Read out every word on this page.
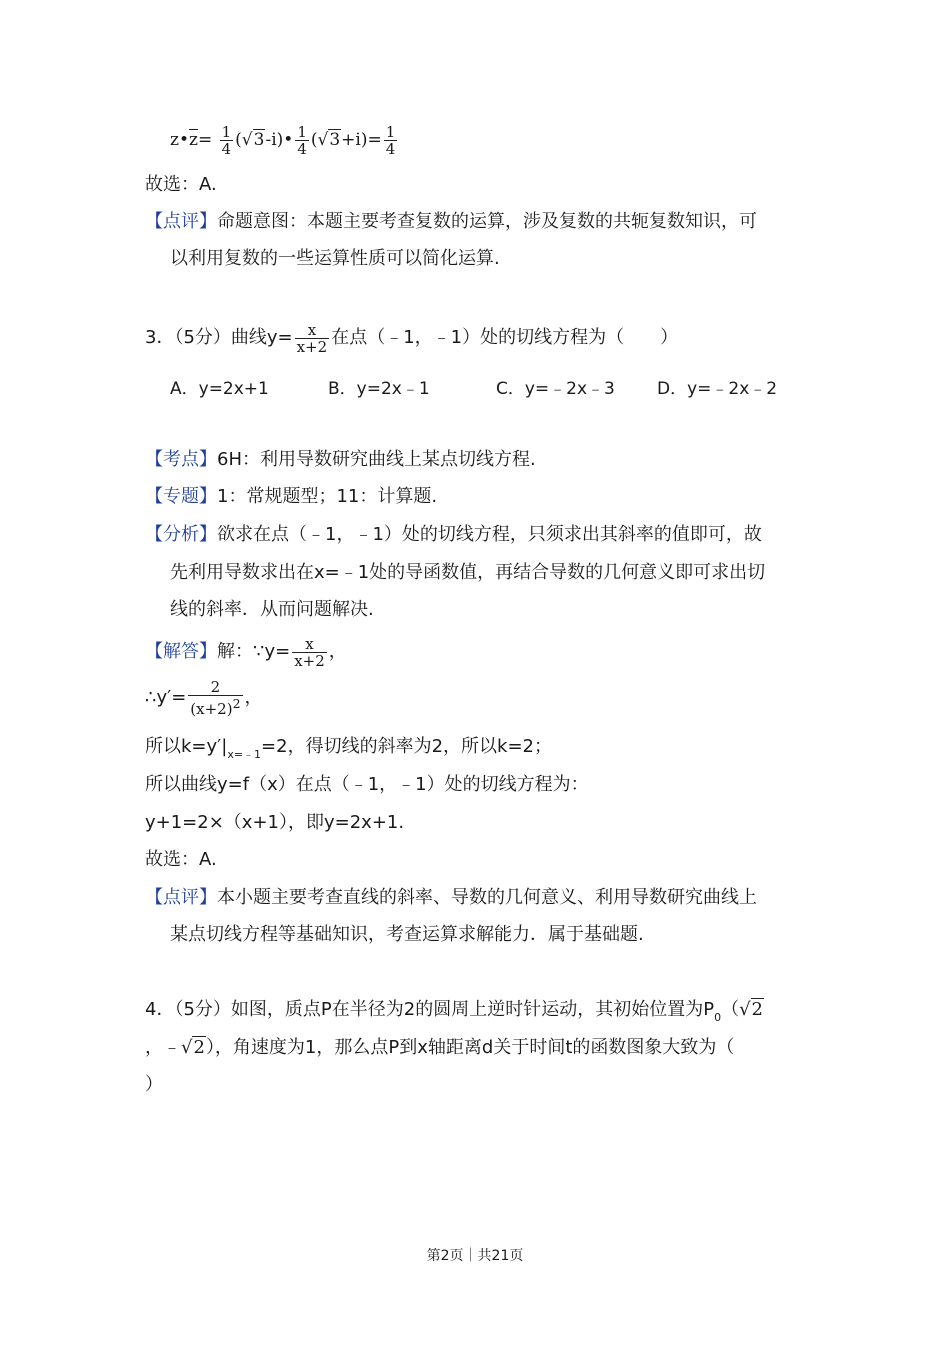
$z•\overline{z}= \frac{1}{4}$ (√3-i)• $\frac{1}{4} (√3+i)= \frac{1}{4}$
故选：A.
【点评】命题意图：本题主要考查复数的运算，涉及复数的共轭复数知识，可
以利用复数的一些运算性质可以简化运算.
3．（5分）曲线$y= \frac{x}{x+2}$ 在点（﹣1，﹣1）处的切线方程为（　　）
A．y=2x+1	B．y=2x﹣1	C．y=﹣2x﹣3 D．y=﹣2x﹣2
【考点】6H：利用导数研究曲线上某点切线方程.
【专题】1：常规题型；11：计算题.
【分析】欲求在点（﹣1，﹣1）处的切线方程，只须求出其斜率的值即可，故
先利用导数求出在x=﹣1处的导函数值，再结合导数的几何意义即可求出切
线的斜率．从而问题解决.
【解答】解：∵y= $\frac{x}{x+2}$ ，
∴y′= $\frac{2}{(x+2)^2}$ ，
所以$k=y'|_{x=﹣1}=2$，得切线的斜率为2，所以k=2；
所以曲线y=f（x）在点（﹣1，﹣1）处的切线方程为：
y+1=2×（x+1），即y=2x+1.
故选：A.
【点评】本小题主要考查直线的斜率、导数的几何意义、利用导数研究曲线上
某点切线方程等基础知识，考查运算求解能力．属于基础题.
4．（5分）如图，质点P在半径为2的圆周上逆时针运动，其初始位置为$P_0(√2$
，﹣√2），角速度为1，那么点P到x轴距离d关于时间t的函数图象大致为（
）
第2页｜共21页
